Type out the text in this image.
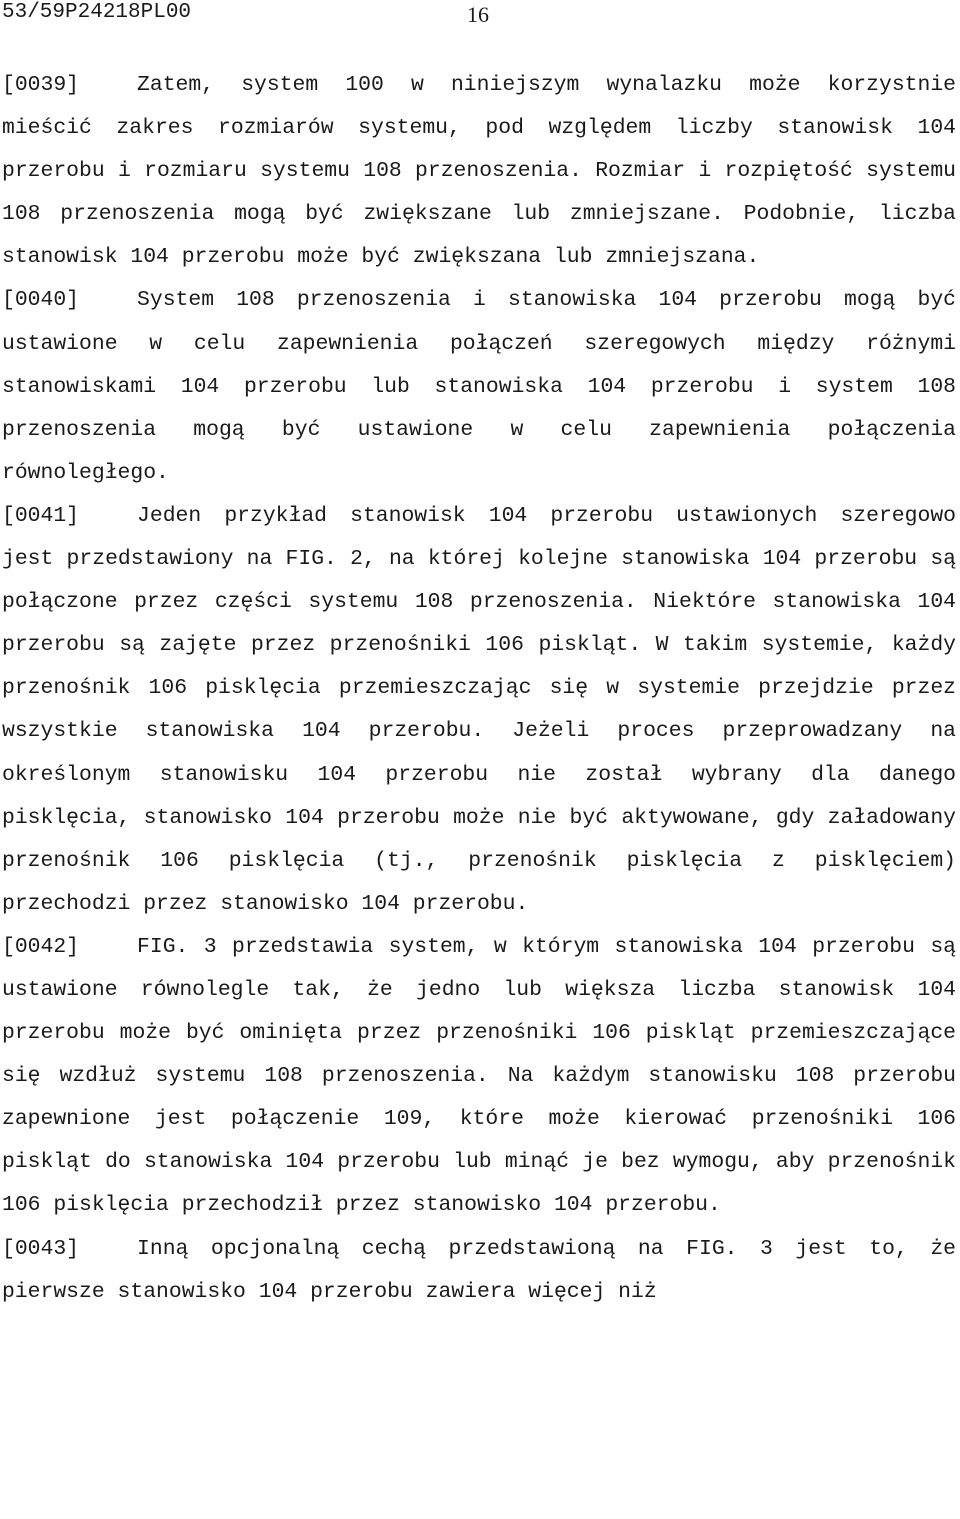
53/59P24218PL00	16

[0039]	Zatem, system 100 w niniejszym wynalazku może korzystnie mieścić zakres rozmiarów systemu, pod względem liczby stanowisk 104 przerobu i rozmiaru systemu 108 przenoszenia. Rozmiar i rozpiętość systemu 108 przenoszenia mogą być zwiększane lub zmniejszane. Podobnie, liczba stanowisk 104 przerobu może być zwiększana lub zmniejszana.

[0040]	System 108 przenoszenia i stanowiska 104 przerobu mogą być ustawione w celu zapewnienia połączeń szeregowych między różnymi stanowiskami 104 przerobu lub stanowiska 104 przerobu i system 108 przenoszenia mogą być ustawione w celu zapewnienia połączenia równoległego.

[0041]	Jeden przykład stanowisk 104 przerobu ustawionych szeregowo jest przedstawiony na FIG. 2, na której kolejne stanowiska 104 przerobu są połączone przez części systemu 108 przenoszenia. Niektóre stanowiska 104 przerobu są zajęte przez przenośniki 106 piskląt. W takim systemie, każdy przenośnik 106 pisklęcia przemieszczając się w systemie przejdzie przez wszystkie stanowiska 104 przerobu. Jeżeli proces przeprowadzany na określonym stanowisku 104 przerobu nie został wybrany dla danego pisklęcia, stanowisko 104 przerobu może nie być aktywowane, gdy załadowany przenośnik 106 pisklęcia (tj., przenośnik pisklęcia z pisklęciem) przechodzi przez stanowisko 104 przerobu.

[0042]	FIG. 3 przedstawia system, w którym stanowiska 104 przerobu są ustawione równolegle tak, że jedno lub większa liczba stanowisk 104 przerobu może być ominięta przez przenośniki 106 piskląt przemieszczające się wzdłuż systemu 108 przenoszenia. Na każdym stanowisku 108 przerobu zapewnione jest połączenie 109, które może kierować przenośniki 106 piskląt do stanowiska 104 przerobu lub minąć je bez wymogu, aby przenośnik 106 pisklęcia przechodził przez stanowisko 104 przerobu.

[0043]	Inną opcjonalną cechą przedstawioną na FIG. 3 jest to, że pierwsze stanowisko 104 przerobu zawiera więcej niż
